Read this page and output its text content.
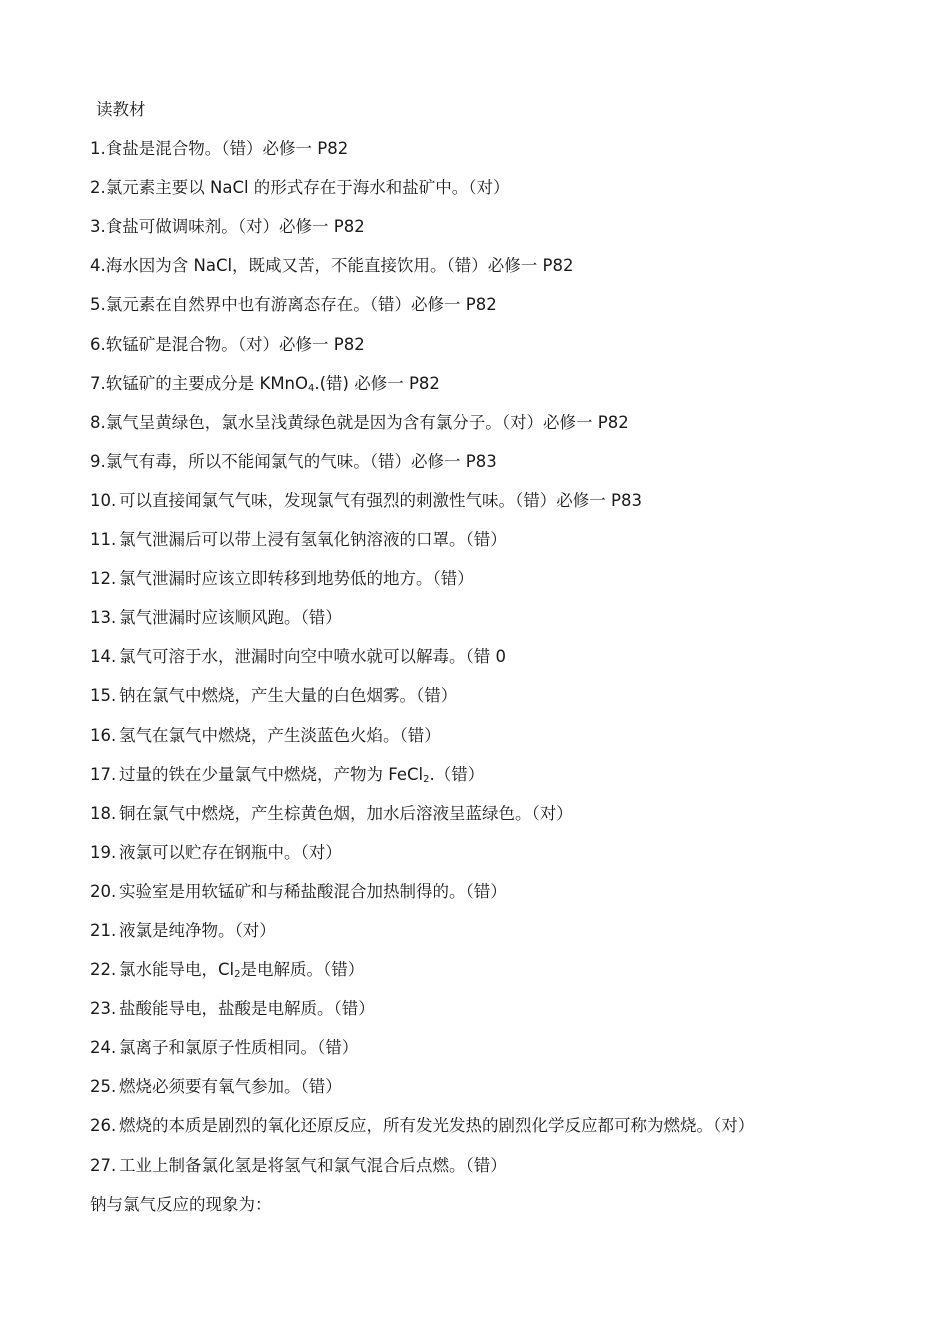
读教材
1.食盐是混合物。（错）必修一 P82
2.氯元素主要以 NaCl 的形式存在于海水和盐矿中。（对）
3.食盐可做调味剂。（对）必修一 P82
4.海水因为含 NaCl，既咸又苦，不能直接饮用。（错）必修一 P82
5.氯元素在自然界中也有游离态存在。（错）必修一 P82
6.软锰矿是混合物。（对）必修一 P82
7.软锰矿的主要成分是 KMnO$_4$.(错) 必修一 P82
8.氯气呈黄绿色，氯水呈浅黄绿色就是因为含有氯分子。（对）必修一 P82
9.氯气有毒，所以不能闻氯气的气味。（错）必修一 P83
10. 可以直接闻氯气气味，发现氯气有强烈的刺激性气味。（错）必修一 P83
11. 氯气泄漏后可以带上浸有氢氧化钠溶液的口罩。（错）
12. 氯气泄漏时应该立即转移到地势低的地方。（错）
13. 氯气泄漏时应该顺风跑。（错）
14. 氯气可溶于水，泄漏时向空中喷水就可以解毒。（错 0
15. 钠在氯气中燃烧，产生大量的白色烟雾。（错）
16. 氢气在氯气中燃烧，产生淡蓝色火焰。（错）
17. 过量的铁在少量氯气中燃烧，产物为 FeCl$_2$.（错）
18. 铜在氯气中燃烧，产生棕黄色烟，加水后溶液呈蓝绿色。（对）
19. 液氯可以贮存在钢瓶中。（对）
20. 实验室是用软锰矿和与稀盐酸混合加热制得的。（错）
21. 液氯是纯净物。（对）
22. 氯水能导电，$Cl_2$是电解质。（错）
23. 盐酸能导电，盐酸是电解质。（错）
24. 氯离子和氯原子性质相同。（错）
25. 燃烧必须要有氧气参加。（错）
26. 燃烧的本质是剧烈的氧化还原反应，所有发光发热的剧烈化学反应都可称为燃烧。（对）
27. 工业上制备氯化氢是将氢气和氯气混合后点燃。（错）
钠与氯气反应的现象为：
